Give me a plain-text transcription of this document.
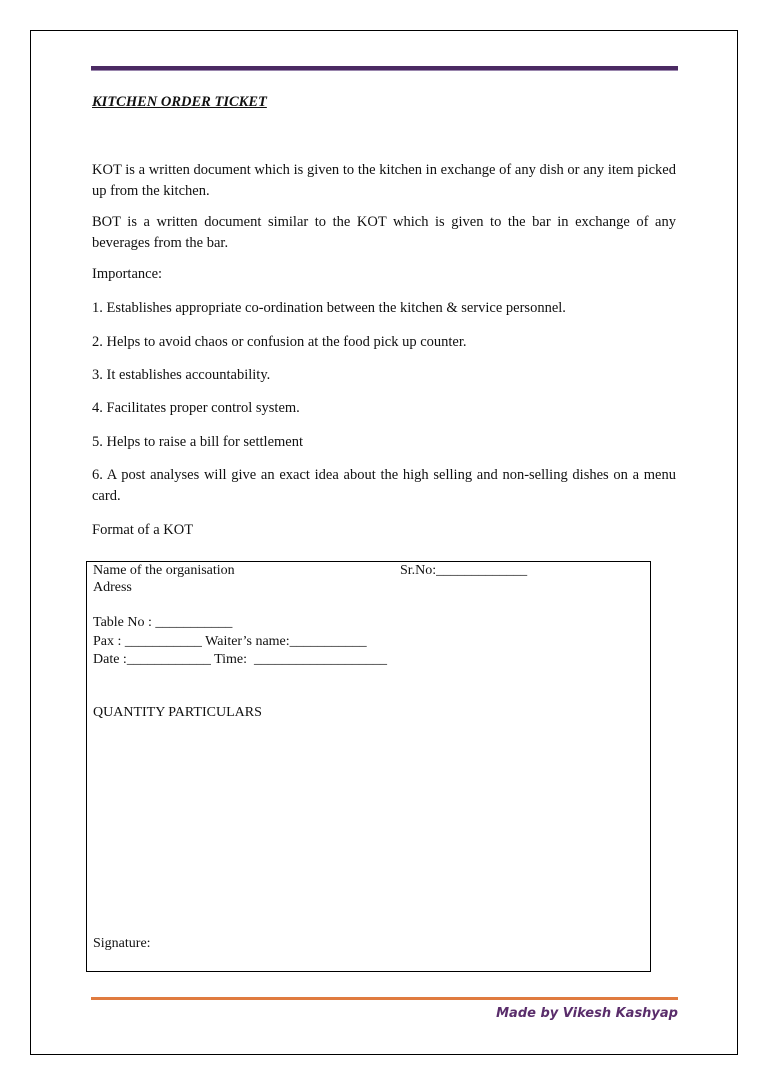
KITCHEN ORDER TICKET
KOT is a written document which is given to the kitchen in exchange of any dish or any item picked up from the kitchen.
BOT is a written document similar to the KOT which is given to the bar in exchange of any beverages from the bar.
Importance:
1. Establishes appropriate co-ordination between the kitchen & service personnel.
2. Helps to avoid chaos or confusion at the food pick up counter.
3. It establishes accountability.
4. Facilitates proper control system.
5. Helps to raise a bill for settlement
6. A post analyses will give an exact idea about the high selling and non-selling dishes on a menu card.
Format of a KOT
Name of the organisation	Sr.No:_____________
Adress
Table No : ___________
Pax : ___________ Waiter’s name:___________
Date :____________ Time:  ___________________
QUANTITY PARTICULARS
Signature:
Made by Vikesh Kashyap
